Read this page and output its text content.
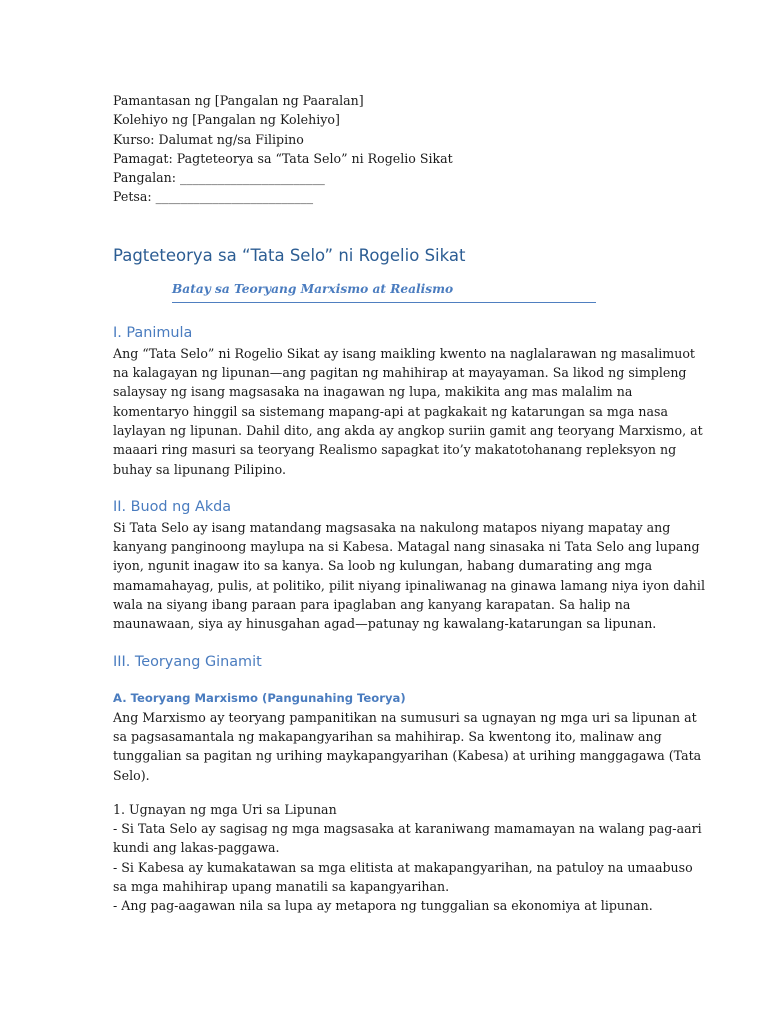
Pamantasan ng [Pangalan ng Paaralan]
Kolehiyo ng [Pangalan ng Kolehiyo]
Kurso: Dalumat ng/sa Filipino
Pamagat: Pagteteorya sa “Tata Selo” ni Rogelio Sikat
Pangalan: _______________________
Petsa: _________________________
Pagteteorya sa “Tata Selo” ni Rogelio Sikat
Batay sa Teoryang Marxismo at Realismo
I. Panimula
Ang “Tata Selo” ni Rogelio Sikat ay isang maikling kwento na naglalarawan ng masalimuot
na kalagayan ng lipunan—ang pagitan ng mahihirap at mayayaman. Sa likod ng simpleng
salaysay ng isang magsasaka na inagawan ng lupa, makikita ang mas malalim na
komentaryo hinggil sa sistemang mapang-api at pagkakait ng katarungan sa mga nasa
laylayan ng lipunan. Dahil dito, ang akda ay angkop suriin gamit ang teoryang Marxismo, at
maaari ring masuri sa teoryang Realismo sapagkat ito’y makatotohanang repleksyon ng
buhay sa lipunang Pilipino.
II. Buod ng Akda
Si Tata Selo ay isang matandang magsasaka na nakulong matapos niyang mapatay ang
kanyang panginoong maylupa na si Kabesa. Matagal nang sinasaka ni Tata Selo ang lupang
iyon, ngunit inagaw ito sa kanya. Sa loob ng kulungan, habang dumarating ang mga
mamamahayag, pulis, at politiko, pilit niyang ipinaliwanag na ginawa lamang niya iyon dahil
wala na siyang ibang paraan para ipaglaban ang kanyang karapatan. Sa halip na
maunawaan, siya ay hinusgahan agad—patunay ng kawalang-katarungan sa lipunan.
III. Teoryang Ginamit
A. Teoryang Marxismo (Pangunahing Teorya)
Ang Marxismo ay teoryang pampanitikan na sumusuri sa ugnayan ng mga uri sa lipunan at
sa pagsasamantala ng makapangyarihan sa mahihirap. Sa kwentong ito, malinaw ang
tunggalian sa pagitan ng urihing maykapangyarihan (Kabesa) at urihing manggagawa (Tata
Selo).
1. Ugnayan ng mga Uri sa Lipunan
- Si Tata Selo ay sagisag ng mga magsasaka at karaniwang mamamayan na walang pag-aari
kundi ang lakas-paggawa.
- Si Kabesa ay kumakatawan sa mga elitista at makapangyarihan, na patuloy na umaabuso
sa mga mahihirap upang manatili sa kapangyarihan.
- Ang pag-aagawan nila sa lupa ay metapora ng tunggalian sa ekonomiya at lipunan.
